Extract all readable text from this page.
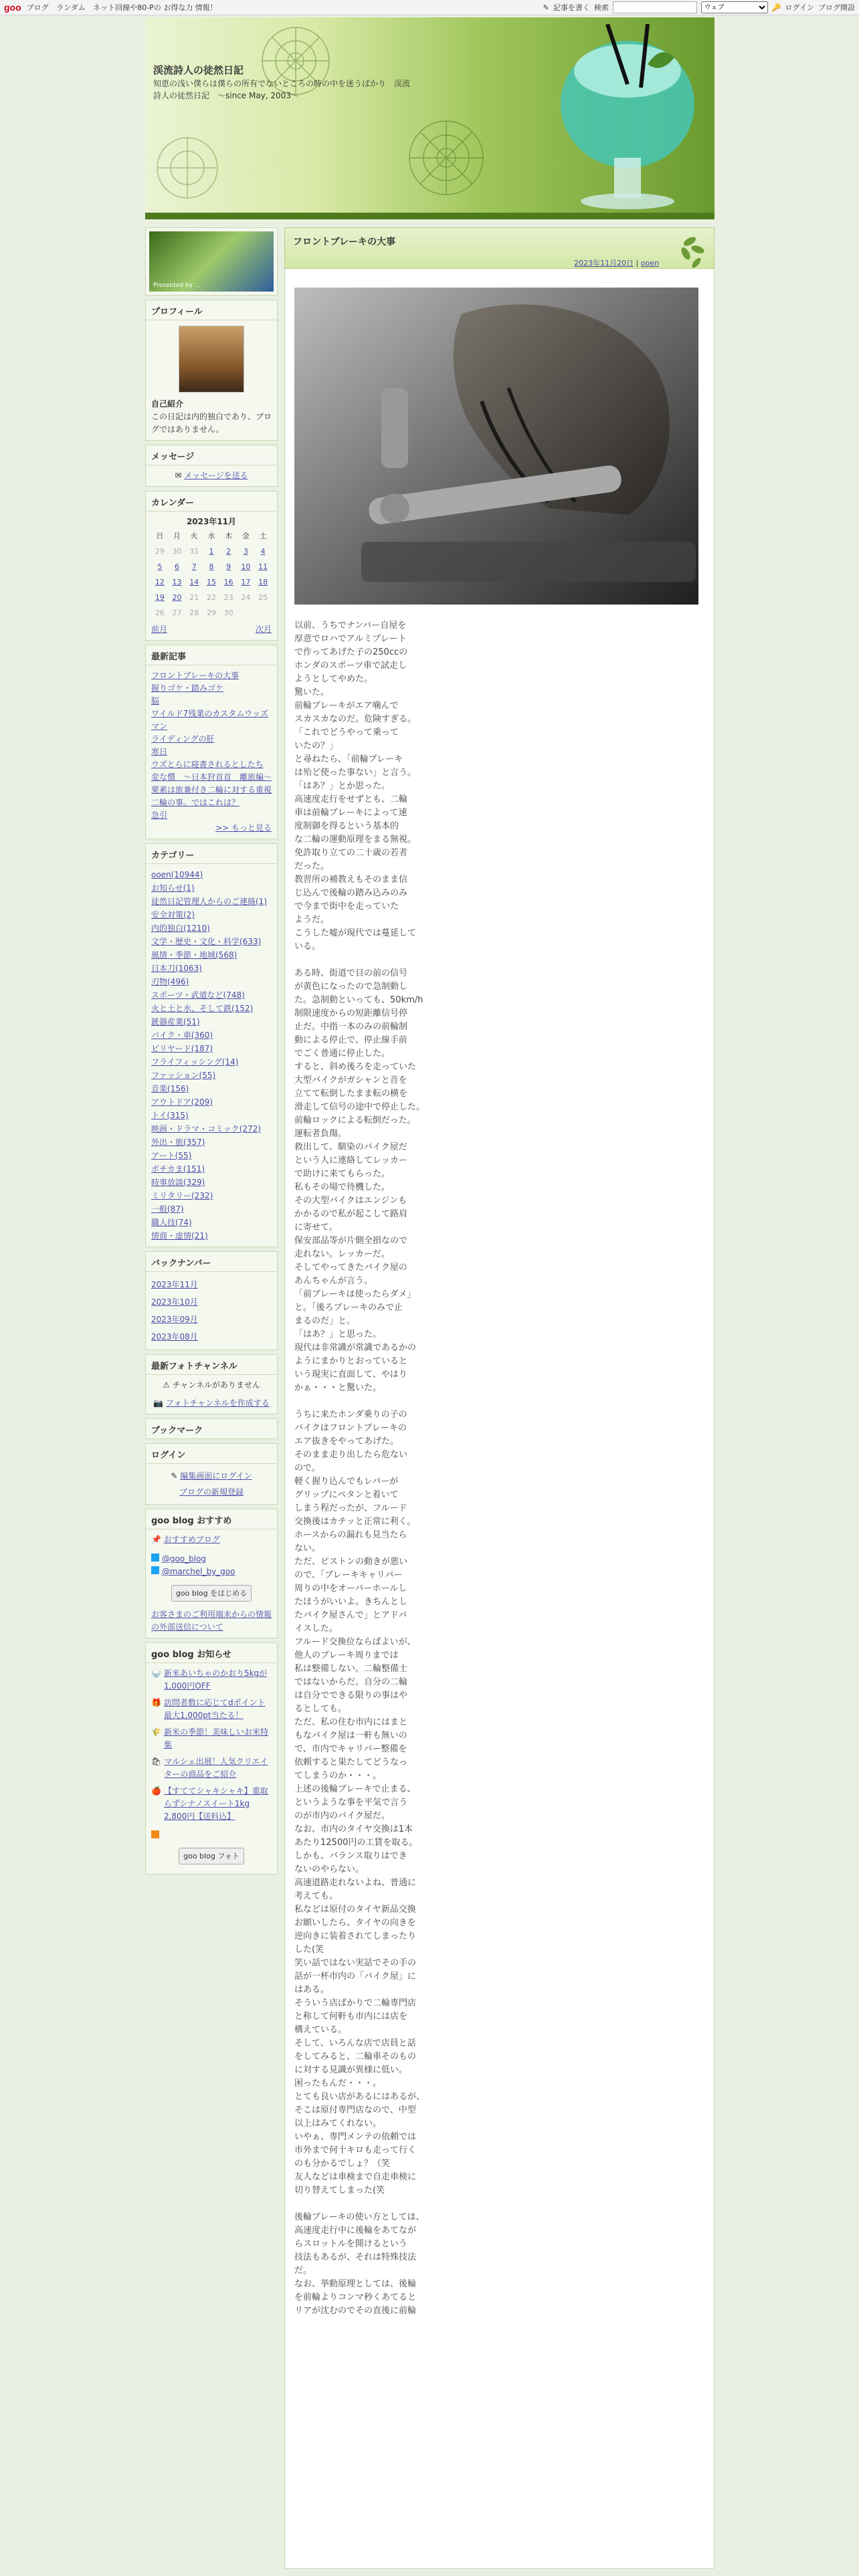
goo ブログ ランダム ネット回線や80-Pの お得な力 情報！	✎ 記事を書く 検索
ウェブ	🔑 ログイン ブログ開設
渓流詩人の徒然日記
知恵の浅い僕らは僕らの所有でないところの時の中を迷うばかり　渓流詩人の徒然日記　〜since May, 2003〜
Presented by ...
プロフィール
自己紹介
この日記は内的独白であり、ブログではありません。
メッセージ
✉ メッセージを送る
カレンダー
2023年11月
日	月	火	水	木	金	土
29	30	31	1	2	3	4

5	6	7	8	9	10	11

12	13	14	15	16	17	18

19	20	21	22	23	24	25
26	27	28	29	30		
前月	次月
最新記事
フロントブレーキの大事
握りゴケ・踏みゴケ
脳
ワイルド7残業のカスタムウッズマン
ライディングの肝
寒日
ウズとらに寝書されるとしたち
変な慣　〜日本狩首首　離旅編〜
栗素は旅兼付き二輪に対する重視二輪の事。ではこれは？
急引
>> もっと見る
カテゴリー
ooen(10944)
お知らせ(1)
徒然日記管理人からのご連絡(1)
安全対策(2)
内的独白(1210)
文学・歴史・文化・科学(633)
風情・季節・地域(568)
日本刀(1063)
刃物(496)
スポーツ・武道など(748)
火と土と水、そして鉄(152)
銃器産業(51)
バイク・車(360)
ビリヤード(187)
フライフィッシング(14)
ファッション(55)
音楽(156)
アウトドア(209)
トイ(315)
映画・ドラマ・コミック(272)
外出・旅(357)
アート(55)
ボチカま(151)
時事放談(329)
ミリタリー(232)
一般(87)
職人技(74)
情商・虚情(21)
バックナンバー
2023年11月
2023年10月
2023年09月
2023年08月
最新フォトチャンネル
⚠ チャンネルがありません
📷 フォトチャンネルを作成する
ブックマーク
ログイン
✎ 編集画面にログイン
ブログの新規登録
goo blog おすすめ
📌 おすすめブログ
@goo_blog
@marchel_by_goo
goo blog をはじめる
お客さまのご利用端末からの情報の外部送信について
goo blog お知らせ
🍚 新米あいちゃのかおり5kgが1,000円OFF
🎁 訪問者数に応じてdポイント最大1,000pt当たる！
🌾 新米の季節！美味しいお米特集
🛍 マルシェ出展！人気クリエイターの商品をご紹介
🍎 【すててシャキシャキ】重取らずシナノスイート1kg 2,800円【送料込】
goo blog フォト
フロントブレーキの大事
2023年11月20日 | ooen
以前、うちでナンバー自屋を
厚意でロハでアルミプレート
で作ってあげた子の250ccの
ホンダのスポーツ車で試走し
ようとしてやめた。
驚いた。
前輪ブレーキがエア噛んで
スカスカなのだ。危険すぎる。
「これでどうやって乗って
いたの？」
と尋ねたら、「前輪ブレーキ
は殆ど使った事ない」と言う。
「はあ？」とか思った。
高速度走行をせずとも、二輪
車は前輪ブレーキによって速
度制御を得るという基本的
な二輪の運動原理をまる無視。
免許取り立ての二十歳の若者
だった。
教習所の補教えもそのまま信
じ込んで後輪の踏み込みのみ
で今まで街中を走っていた
ようだ。
こうした嘘が現代では蔓延して
いる。

ある時、街道で目の前の信号
が黄色になったので急制動し
た。急制動といっても、50km/h
制限速度からの短距離信号停
止だ。中指一本のみの前輪制
動による停止で、停止線手前
でごく普通に停止した。
すると、斜め後ろを走っていた
大型バイクがガシャンと音を
立てて転倒したまま転の横を
滑走して信号の途中で停止した。
前輪ロックによる転倒だった。
運転者負傷。
救出して、馴染のバイク屋だ
という人に連絡してレッカー
で助けに来てもらった。
私もその場で待機した。
その大型バイクはエンジンも
かかるので私が起こして路肩
に寄せて。
保安部品等が片側全損なので
走れない。レッカーだ。
そしてやってきたバイク屋の
あんちゃんが言う。
「前ブレーキは使ったらダメ」
と。「後ろブレーキのみで止
まるのだ」と。
「はあ？」と思った。
現代は非常識が常識であるかの
ようにまかりとおっていると
いう現実に直面して、やはり
かぁ・・・と驚いた。

うちに来たホンダ乗りの子の
バイクはフロントブレーキの
エア抜きをやってあげた。
そのまま走り出したら危ない
ので。
軽く握り込んでもレバーが
グリップにペタンと着いて
しまう程だったが、フルード
交換後はカチッと正常に利く。
ホースからの漏れも見当たら
ない。
ただ、ピストンの動きが悪い
ので、「ブレーキキャリパー
周りの中をオーバーホールし
たほうがいいよ。きちんとし
たバイク屋さんで」とアドバ
イスした。
フルード交換位ならばよいが、
他人のブレーキ周りまでは
私は整備しない。二輪整備士
ではないからだ。自分の二輪
は自分でできる限りの事はや
るとしても。
ただ、私の住む市内にはまと
もなバイク屋は一軒も無いの
で、市内でキャリパー整備を
依頼すると果たしてどうなっ
てしまうのか・・・。
上述の後輪ブレーキで止まる、
というような事を平気で言う
のが市内のバイク屋だ。
なお、市内のタイヤ交換は1本
あたり12500円の工賃を取る。
しかも、バランス取りはでき
ないのやらない。
高速道路走れないよね、普通に
考えても。
私などは原付のタイヤ新品交換
お願いしたら、タイヤの向きを
逆向きに装着されてしまったり
した(笑
笑い話ではない実話でその手の
話が一杯市内の「バイク屋」に
はある。
そういう店ばかりで二輪専門店
と称して何軒も市内には店を
構えている。
そして、いろんな店で店員と話
をしてみると、二輪車そのもの
に対する見識が異様に低い。
困ったもんだ・・・。
とても良い店があるにはあるが、
そこは原付専門店なので、中型
以上はみてくれない。
いやぁ、専門メンテの依頼では
市外まで何十キロも走って行く
のも分かるでしょ？（笑
友人などは車検まで自走車検に
切り替えてしまった(笑

後輪ブレーキの使い方としては、
高速度走行中に後輪をあてなが
らスロットルを開けるという
技法もあるが、それは特殊技法
だ。
なお、挙動原理としては、後輪
を前輪よりコンマ秒くあてると
リアが沈むのでその直後に前輪
